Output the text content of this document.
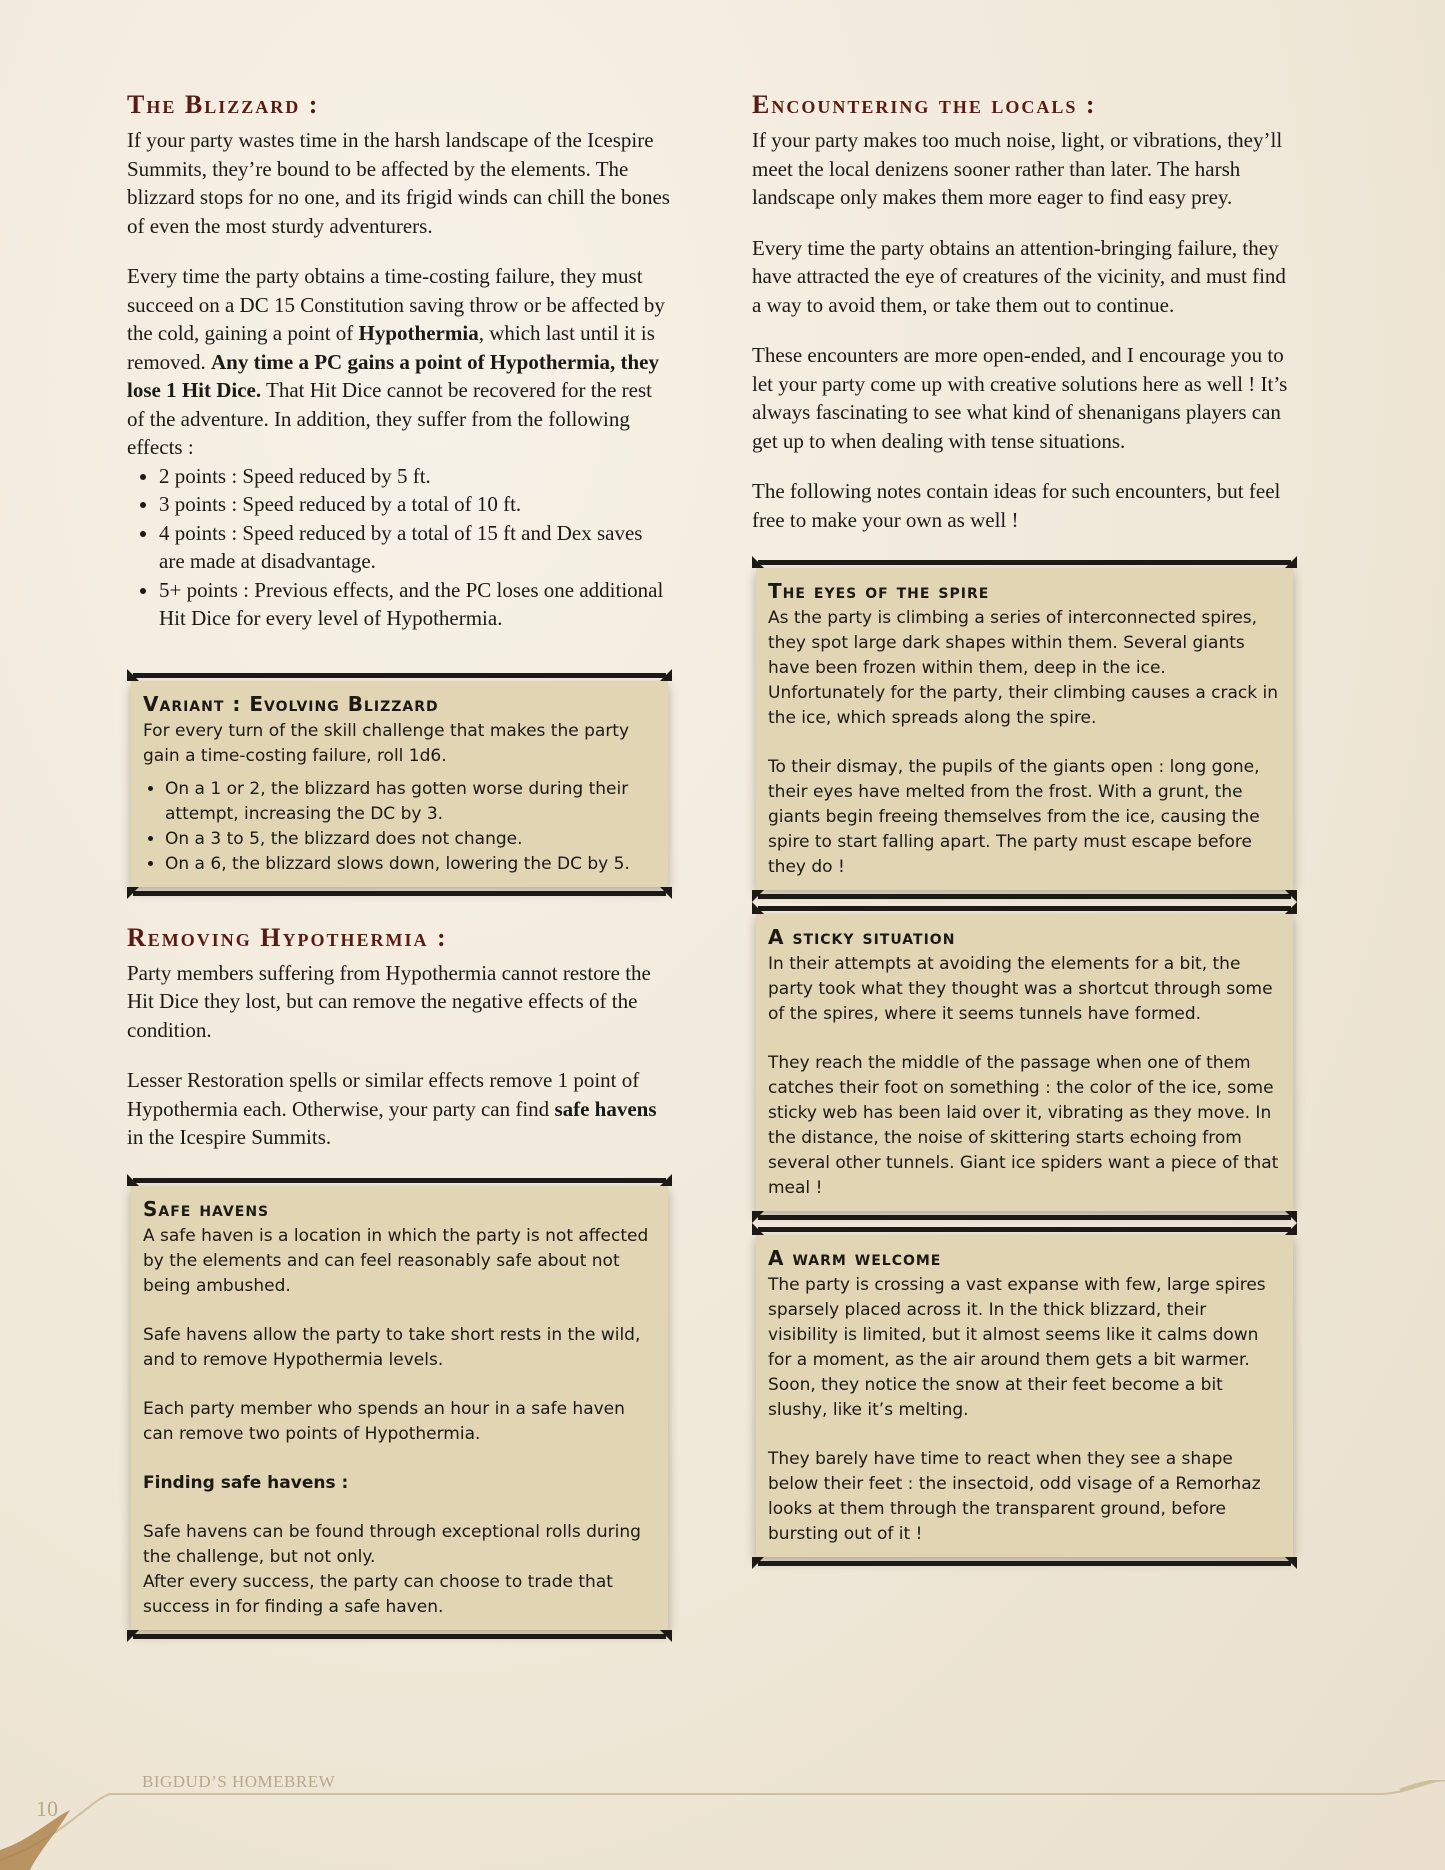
The Blizzard :

If your party wastes time in the harsh landscape of the Icespire Summits, they’re bound to be affected by the elements. The blizzard stops for no one, and its frigid winds can chill the bones of even the most sturdy adventurers.

Every time the party obtains a time-costing failure, they must succeed on a DC 15 Constitution saving throw or be affected by the cold, gaining a point of Hypothermia, which last until it is removed. Any time a PC gains a point of Hypothermia, they lose 1 Hit Dice. That Hit Dice cannot be recovered for the rest of the adventure. In addition, they suffer from the following effects :

• 2 points : Speed reduced by 5 ft.
• 3 points : Speed reduced by a total of 10 ft.
• 4 points : Speed reduced by a total of 15 ft and Dex saves are made at disadvantage.
• 5+ points : Previous effects, and the PC loses one additional Hit Dice for every level of Hypothermia.
Variant : Evolving Blizzard
For every turn of the skill challenge that makes the party gain a time-costing failure, roll 1d6.
• On a 1 or 2, the blizzard has gotten worse during their attempt, increasing the DC by 3.
• On a 3 to 5, the blizzard does not change.
• On a 6, the blizzard slows down, lowering the DC by 5.
Removing Hypothermia :

Party members suffering from Hypothermia cannot restore the Hit Dice they lost, but can remove the negative effects of the condition.

Lesser Restoration spells or similar effects remove 1 point of Hypothermia each. Otherwise, your party can find safe havens in the Icespire Summits.

Safe havens

A safe haven is a location in which the party is not affected by the elements and can feel reasonably safe about not being ambushed.

Safe havens allow the party to take short rests in the wild, and to remove Hypothermia levels.

Each party member who spends an hour in a safe haven can remove two points of Hypothermia.

Finding safe havens :

Safe havens can be found through exceptional rolls during the challenge, but not only.
After every success, the party can choose to trade that success in for finding a safe haven.

Encountering the locals :

If your party makes too much noise, light, or vibrations, they’ll meet the local denizens sooner rather than later. The harsh landscape only makes them more eager to find easy prey.

Every time the party obtains an attention-bringing failure, they have attracted the eye of creatures of the vicinity, and must find a way to avoid them, or take them out to continue.

These encounters are more open-ended, and I encourage you to let your party come up with creative solutions here as well ! It’s always fascinating to see what kind of shenanigans players can get up to when dealing with tense situations.

The following notes contain ideas for such encounters, but feel free to make your own as well !

The eyes of the spire

As the party is climbing a series of interconnected spires, they spot large dark shapes within them. Several giants have been frozen within them, deep in the ice. Unfortunately for the party, their climbing causes a crack in the ice, which spreads along the spire.

To their dismay, the pupils of the giants open : long gone, their eyes have melted from the frost. With a grunt, the giants begin freeing themselves from the ice, causing the spire to start falling apart. The party must escape before they do !

A sticky situation

In their attempts at avoiding the elements for a bit, the party took what they thought was a shortcut through some of the spires, where it seems tunnels have formed.

They reach the middle of the passage when one of them catches their foot on something : the color of the ice, some sticky web has been laid over it, vibrating as they move. In the distance, the noise of skittering starts echoing from several other tunnels. Giant ice spiders want a piece of that meal !

A warm welcome

The party is crossing a vast expanse with few, large spires sparsely placed across it. In the thick blizzard, their visibility is limited, but it almost seems like it calms down for a moment, as the air around them gets a bit warmer. Soon, they notice the snow at their feet become a bit slushy, like it’s melting.

They barely have time to react when they see a shape below their feet : the insectoid, odd visage of a Remorhaz looks at them through the transparent ground, before bursting out of it !

BIGDUD’S HOMEBREW
10
